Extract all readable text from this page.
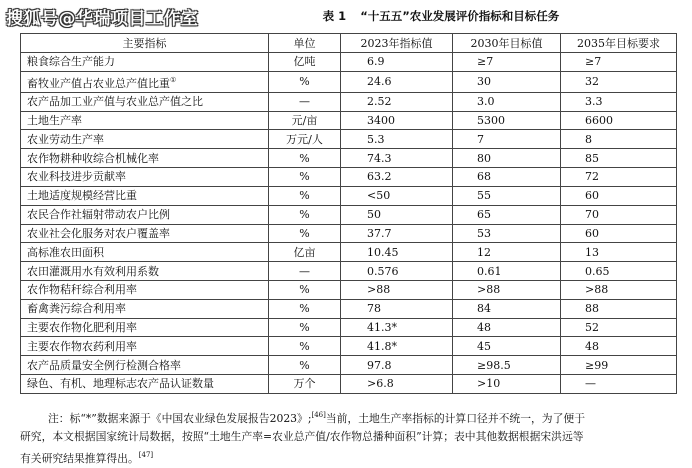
搜狐号@华瑞项目工作室	表 1 “十五五”农业发展评价指标和目标任务
主要指标	单位	2023年指标值	2030年目标值	2035年目标要求
粮食综合生产能力	亿吨	6.9	≥7	≥7
畜牧业产值占农业总产值比重①	%	24.6	30	32
农产品加工业产值与农业总产值之比	—	2.52	3.0	3.3
土地生产率	元/亩	3400	5300	6600
农业劳动生产率	万元/人	5.3	7	8
农作物耕种收综合机械化率	%	74.3	80	85
农业科技进步贡献率	%	63.2	68	72
土地适度规模经营比重	%	<50	55	60
农民合作社辐射带动农户比例	%	50	65	70
农业社会化服务对农户覆盖率	%	37.7	53	60
高标准农田面积	亿亩	10.45	12	13
农田灌溉用水有效利用系数	—	0.576	0.61	0.65
农作物秸秆综合利用率	%	>88	>88	>88
畜禽粪污综合利用率	%	78	84	88
主要农作物化肥利用率	%	41.3*	48	52
主要农作物农药利用率	%	41.8*	45	48
农产品质量安全例行检测合格率	%	97.8	≥98.5	≥99
绿色、有机、地理标志农产品认证数量	万个	>6.8	>10	—

注：标“*”数据来源于《中国农业绿色发展报告2023》;[46]当前，土地生产率指标的计算口径并不统一，为了便于

研究，本文根据国家统计局数据，按照“土地生产率=农业总产值/农作物总播种面积”计算；表中其他数据根据宋洪远等

有关研究结果推算得出。[47]
